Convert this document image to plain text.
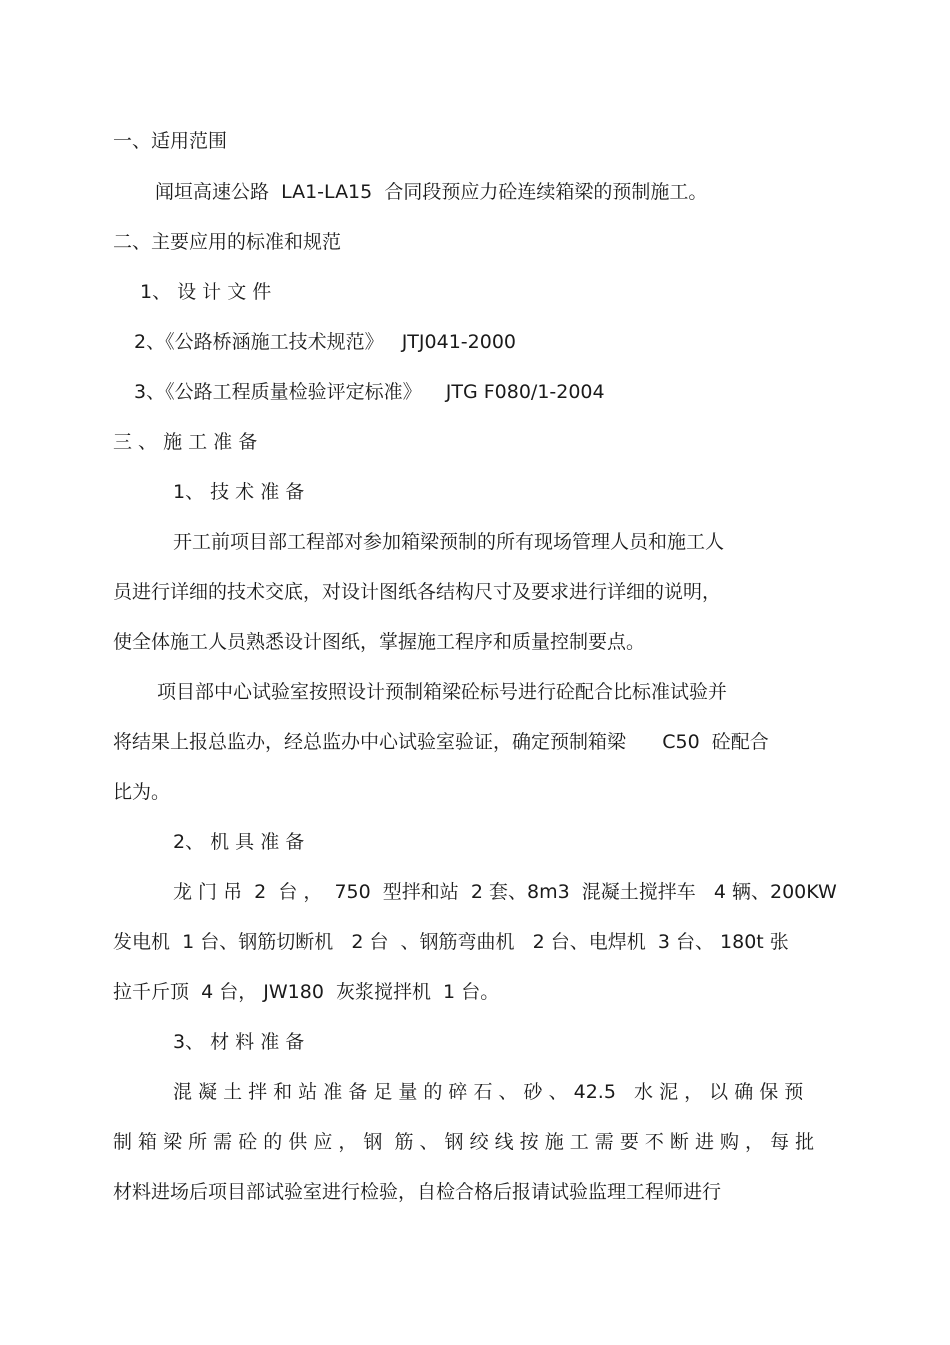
一、适用范围
闻垣高速公路  LA1-LA15  合同段预应力砼连续箱梁的预制施工。
二、主要应用的标准和规范
1、 设 计 文 件
2、《公路桥涵施工技术规范》   JTJ041-2000
3、《公路工程质量检验评定标准》    JTG F080/1-2004
三 、 施 工 准 备
1、 技 术 准 备
开工前项目部工程部对参加箱梁预制的所有现场管理人员和施工人
员进行详细的技术交底，对设计图纸各结构尺寸及要求进行详细的说明，
使全体施工人员熟悉设计图纸，掌握施工程序和质量控制要点。
项目部中心试验室按照设计预制箱梁砼标号进行砼配合比标准试验并
将结果上报总监办，经总监办中心试验室验证，确定预制箱梁      C50  砼配合
比为。
2、 机 具 准 备
龙 门 吊  2  台 ，  750  型拌和站  2 套、8m3  混凝土搅拌车   4 辆、200KW
发电机  1 台、钢筋切断机   2 台  、钢筋弯曲机   2 台、电焊机  3 台、 180t 张
拉千斤顶  4 台， JW180  灰浆搅拌机  1 台。
3、 材 料 准 备
混 凝 土 拌 和 站 准 备 足 量 的 碎 石 、 砂 、 42.5   水 泥 ， 以 确 保 预
制 箱 梁 所 需 砼 的 供 应 ， 钢  筋 、 钢 绞 线 按 施 工 需 要 不 断 进 购 ， 每 批
材料进场后项目部试验室进行检验，自检合格后报请试验监理工程师进行
